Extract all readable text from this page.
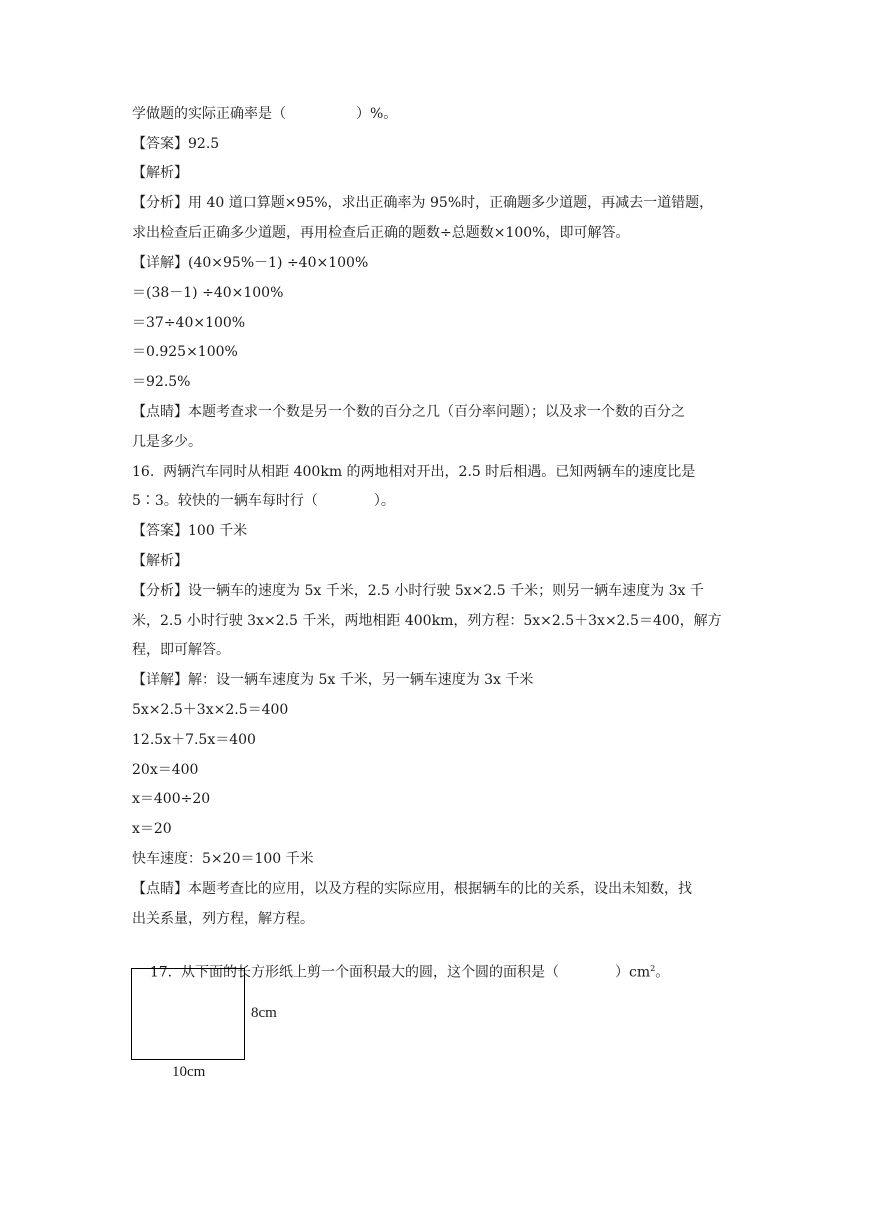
学做题的实际正确率是（　　　　　）%。
【答案】92.5
【解析】
【分析】用 40 道口算题×95%，求出正确率为 95%时，正确题多少道题，再减去一道错题，
求出检查后正确多少道题，再用检查后正确的题数÷总题数×100%，即可解答。
【详解】(40×95%－1) ÷40×100%
＝(38－1) ÷40×100%
＝37÷40×100%
＝0.925×100%
＝92.5%
【点睛】本题考查求一个数是另一个数的百分之几（百分率问题）；以及求一个数的百分之
几是多少。
16.  两辆汽车同时从相距 400km 的两地相对开出，2.5 时后相遇。已知两辆车的速度比是
5∶3。较快的一辆车每时行（　　　　）。
【答案】100 千米
【解析】
【分析】设一辆车的速度为 5x 千米，2.5 小时行驶 5x×2.5 千米；则另一辆车速度为 3x 千
米，2.5 小时行驶 3x×2.5 千米，两地相距 400km，列方程：5x×2.5＋3x×2.5＝400，解方
程，即可解答。
【详解】解：设一辆车速度为 5x 千米，另一辆车速度为 3x 千米
5x×2.5＋3x×2.5＝400
12.5x＋7.5x＝400
20x＝400
x＝400÷20
x＝20
快车速度：5×20＝100 千米
【点睛】本题考查比的应用，以及方程的实际应用，根据辆车的比的关系，设出未知数，找
出关系量，列方程，解方程。

17.  从下面的长方形纸上剪一个面积最大的圆，这个圆的面积是（　　　　）$cm^2$。

8cm
10cm
